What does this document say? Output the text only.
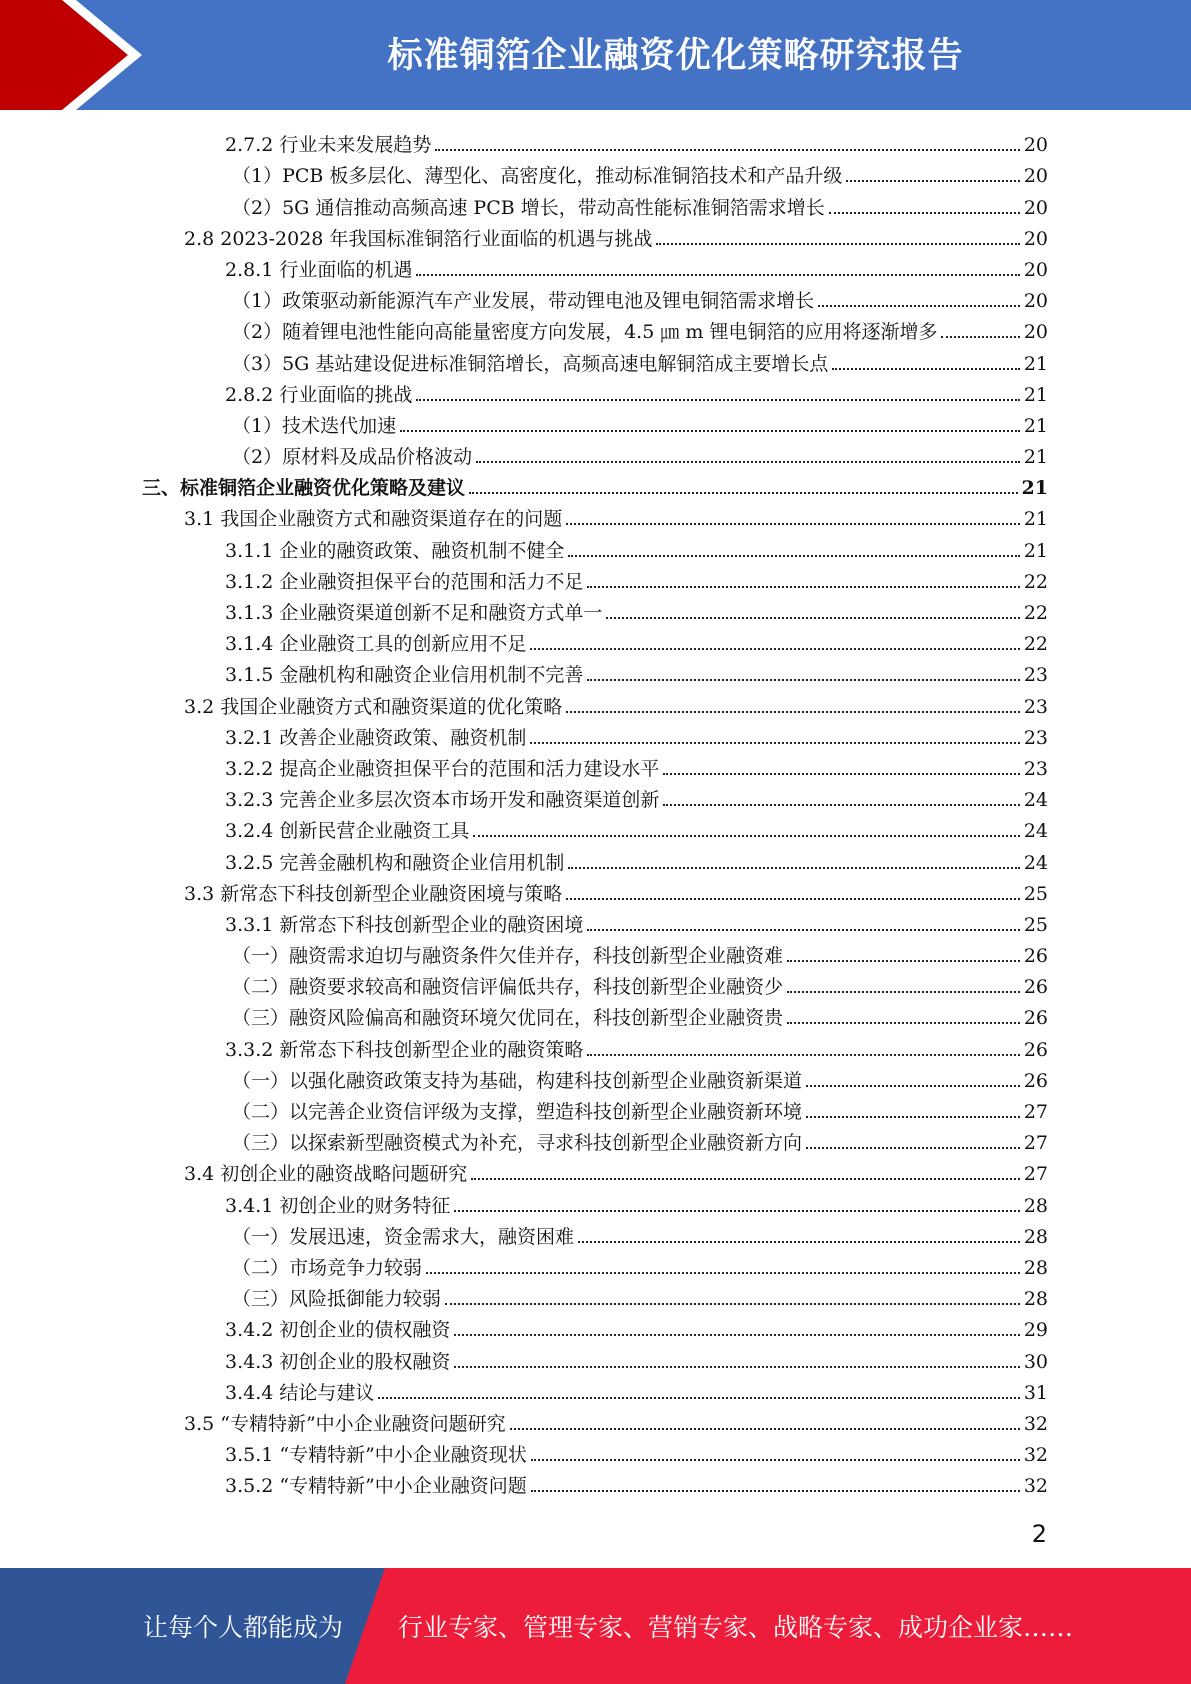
标准铜箔企业融资优化策略研究报告
2.7.2 行业未来发展趋势	20
（1）PCB 板多层化、薄型化、高密度化，推动标准铜箔技术和产品升级	20
（2）5G 通信推动高频高速 PCB 增长，带动高性能标准铜箔需求增长	20
2.8 2023-2028 年我国标准铜箔行业面临的机遇与挑战	20
2.8.1 行业面临的机遇	20
（1）政策驱动新能源汽车产业发展，带动锂电池及锂电铜箔需求增长	20
（2）随着锂电池性能向高能量密度方向发展，4.5 ㎛ m 锂电铜箔的应用将逐渐增多	20
（3）5G 基站建设促进标准铜箔增长，高频高速电解铜箔成主要增长点	21
2.8.2 行业面临的挑战	21
（1）技术迭代加速	21
（2）原材料及成品价格波动	21
三、标准铜箔企业融资优化策略及建议	21
3.1 我国企业融资方式和融资渠道存在的问题	21
3.1.1 企业的融资政策、融资机制不健全	21
3.1.2 企业融资担保平台的范围和活力不足	22
3.1.3 企业融资渠道创新不足和融资方式单一	22
3.1.4 企业融资工具的创新应用不足	22
3.1.5 金融机构和融资企业信用机制不完善	23
3.2 我国企业融资方式和融资渠道的优化策略	23
3.2.1 改善企业融资政策、融资机制	23
3.2.2 提高企业融资担保平台的范围和活力建设水平	23
3.2.3 完善企业多层次资本市场开发和融资渠道创新	24
3.2.4 创新民营企业融资工具	24
3.2.5 完善金融机构和融资企业信用机制	24
3.3 新常态下科技创新型企业融资困境与策略	25
3.3.1 新常态下科技创新型企业的融资困境	25
（一）融资需求迫切与融资条件欠佳并存，科技创新型企业融资难	26
（二）融资要求较高和融资信评偏低共存，科技创新型企业融资少	26
（三）融资风险偏高和融资环境欠优同在，科技创新型企业融资贵	26
3.3.2 新常态下科技创新型企业的融资策略	26
（一）以强化融资政策支持为基础，构建科技创新型企业融资新渠道	26
（二）以完善企业资信评级为支撑，塑造科技创新型企业融资新环境	27
（三）以探索新型融资模式为补充，寻求科技创新型企业融资新方向	27
3.4 初创企业的融资战略问题研究	27
3.4.1 初创企业的财务特征	28
（一）发展迅速，资金需求大，融资困难	28
（二）市场竞争力较弱	28
（三）风险抵御能力较弱	28
3.4.2 初创企业的债权融资	29
3.4.3 初创企业的股权融资	30
3.4.4 结论与建议	31
3.5 “专精特新”中小企业融资问题研究	32
3.5.1 “专精特新”中小企业融资现状	32
3.5.2 “专精特新”中小企业融资问题	32
2
让每个人都能成为 行业专家、管理专家、营销专家、战略专家、成功企业家……
